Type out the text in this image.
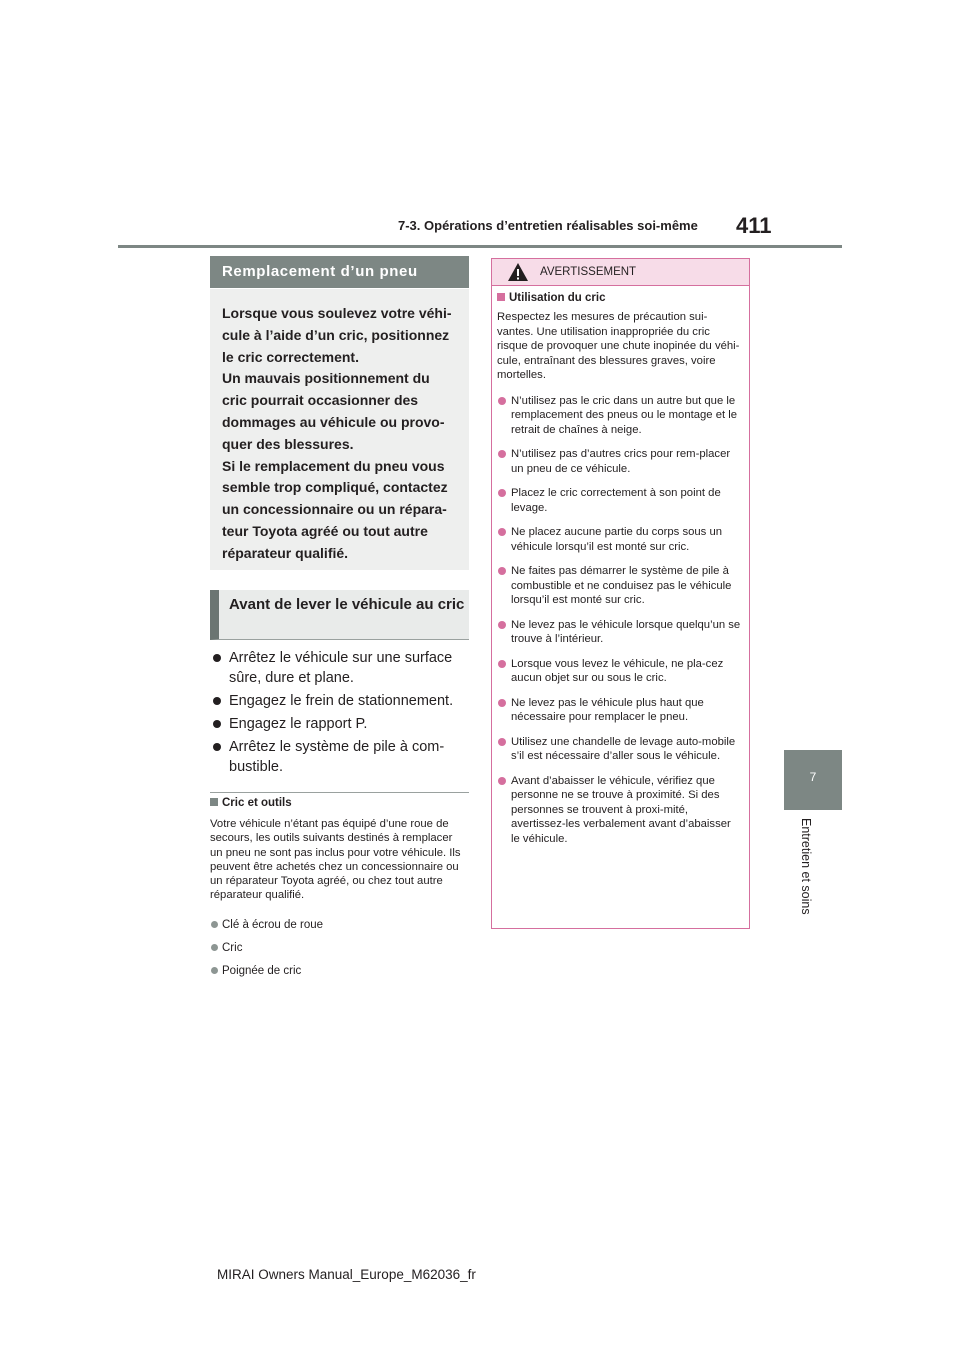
7-3. Opérations d’entretien réalisables soi-même 411
7
Entretien et soins
Remplacement d’un pneu

Lorsque vous soulevez votre véhi-

cule à l’aide d’un cric, positionnez

le cric correctement.

Un mauvais positionnement du

cric pourrait occasionner des

dommages au véhicule ou provo-

quer des blessures.

Si le remplacement du pneu vous

semble trop compliqué, contactez

un concessionnaire ou un répara-

teur Toyota agréé ou tout autre

réparateur qualifié.

Avant de lever le véhicule au cric
Arrêtez le véhicule sur une surface sûre, dure et plane.
Engagez le frein de stationnement.
Engagez le rapport P.
Arrêtez le système de pile à com-bustible.
Cric et outils
Votre véhicule n’étant pas équipé d’une roue de secours, les outils suivants destinés à remplacer un pneu ne sont pas inclus pour votre véhicule. Ils peuvent être achetés chez un concessionnaire ou un réparateur Toyota agréé, ou chez tout autre réparateur qualifié.
Clé à écrou de roue
Cric
Poignée de cric
AVERTISSEMENT
Utilisation du cric
Respectez les mesures de précaution sui-vantes. Une utilisation inappropriée du cric risque de provoquer une chute inopinée du véhi-cule, entraînant des blessures graves, voire mortelles.
N’utilisez pas le cric dans un autre but que le remplacement des pneus ou le montage et le retrait de chaînes à neige.
N’utilisez pas d’autres crics pour rem-placer un pneu de ce véhicule.
Placez le cric correctement à son point de levage.
Ne placez aucune partie du corps sous un véhicule lorsqu’il est monté sur cric.
Ne faites pas démarrer le système de pile à combustible et ne conduisez pas le véhicule lorsqu’il est monté sur cric.
Ne levez pas le véhicule lorsque quelqu’un se trouve à l’intérieur.
Lorsque vous levez le véhicule, ne pla-cez aucun objet sur ou sous le cric.
Ne levez pas le véhicule plus haut que nécessaire pour remplacer le pneu.
Utilisez une chandelle de levage auto-mobile s’il est nécessaire d’aller sous le véhicule.
Avant d’abaisser le véhicule, vérifiez que personne ne se trouve à proximité. Si des personnes se trouvent à proxi-mité, avertissez-les verbalement avant d’abaisser le véhicule.
MIRAI Owners Manual_Europe_M62036_fr
